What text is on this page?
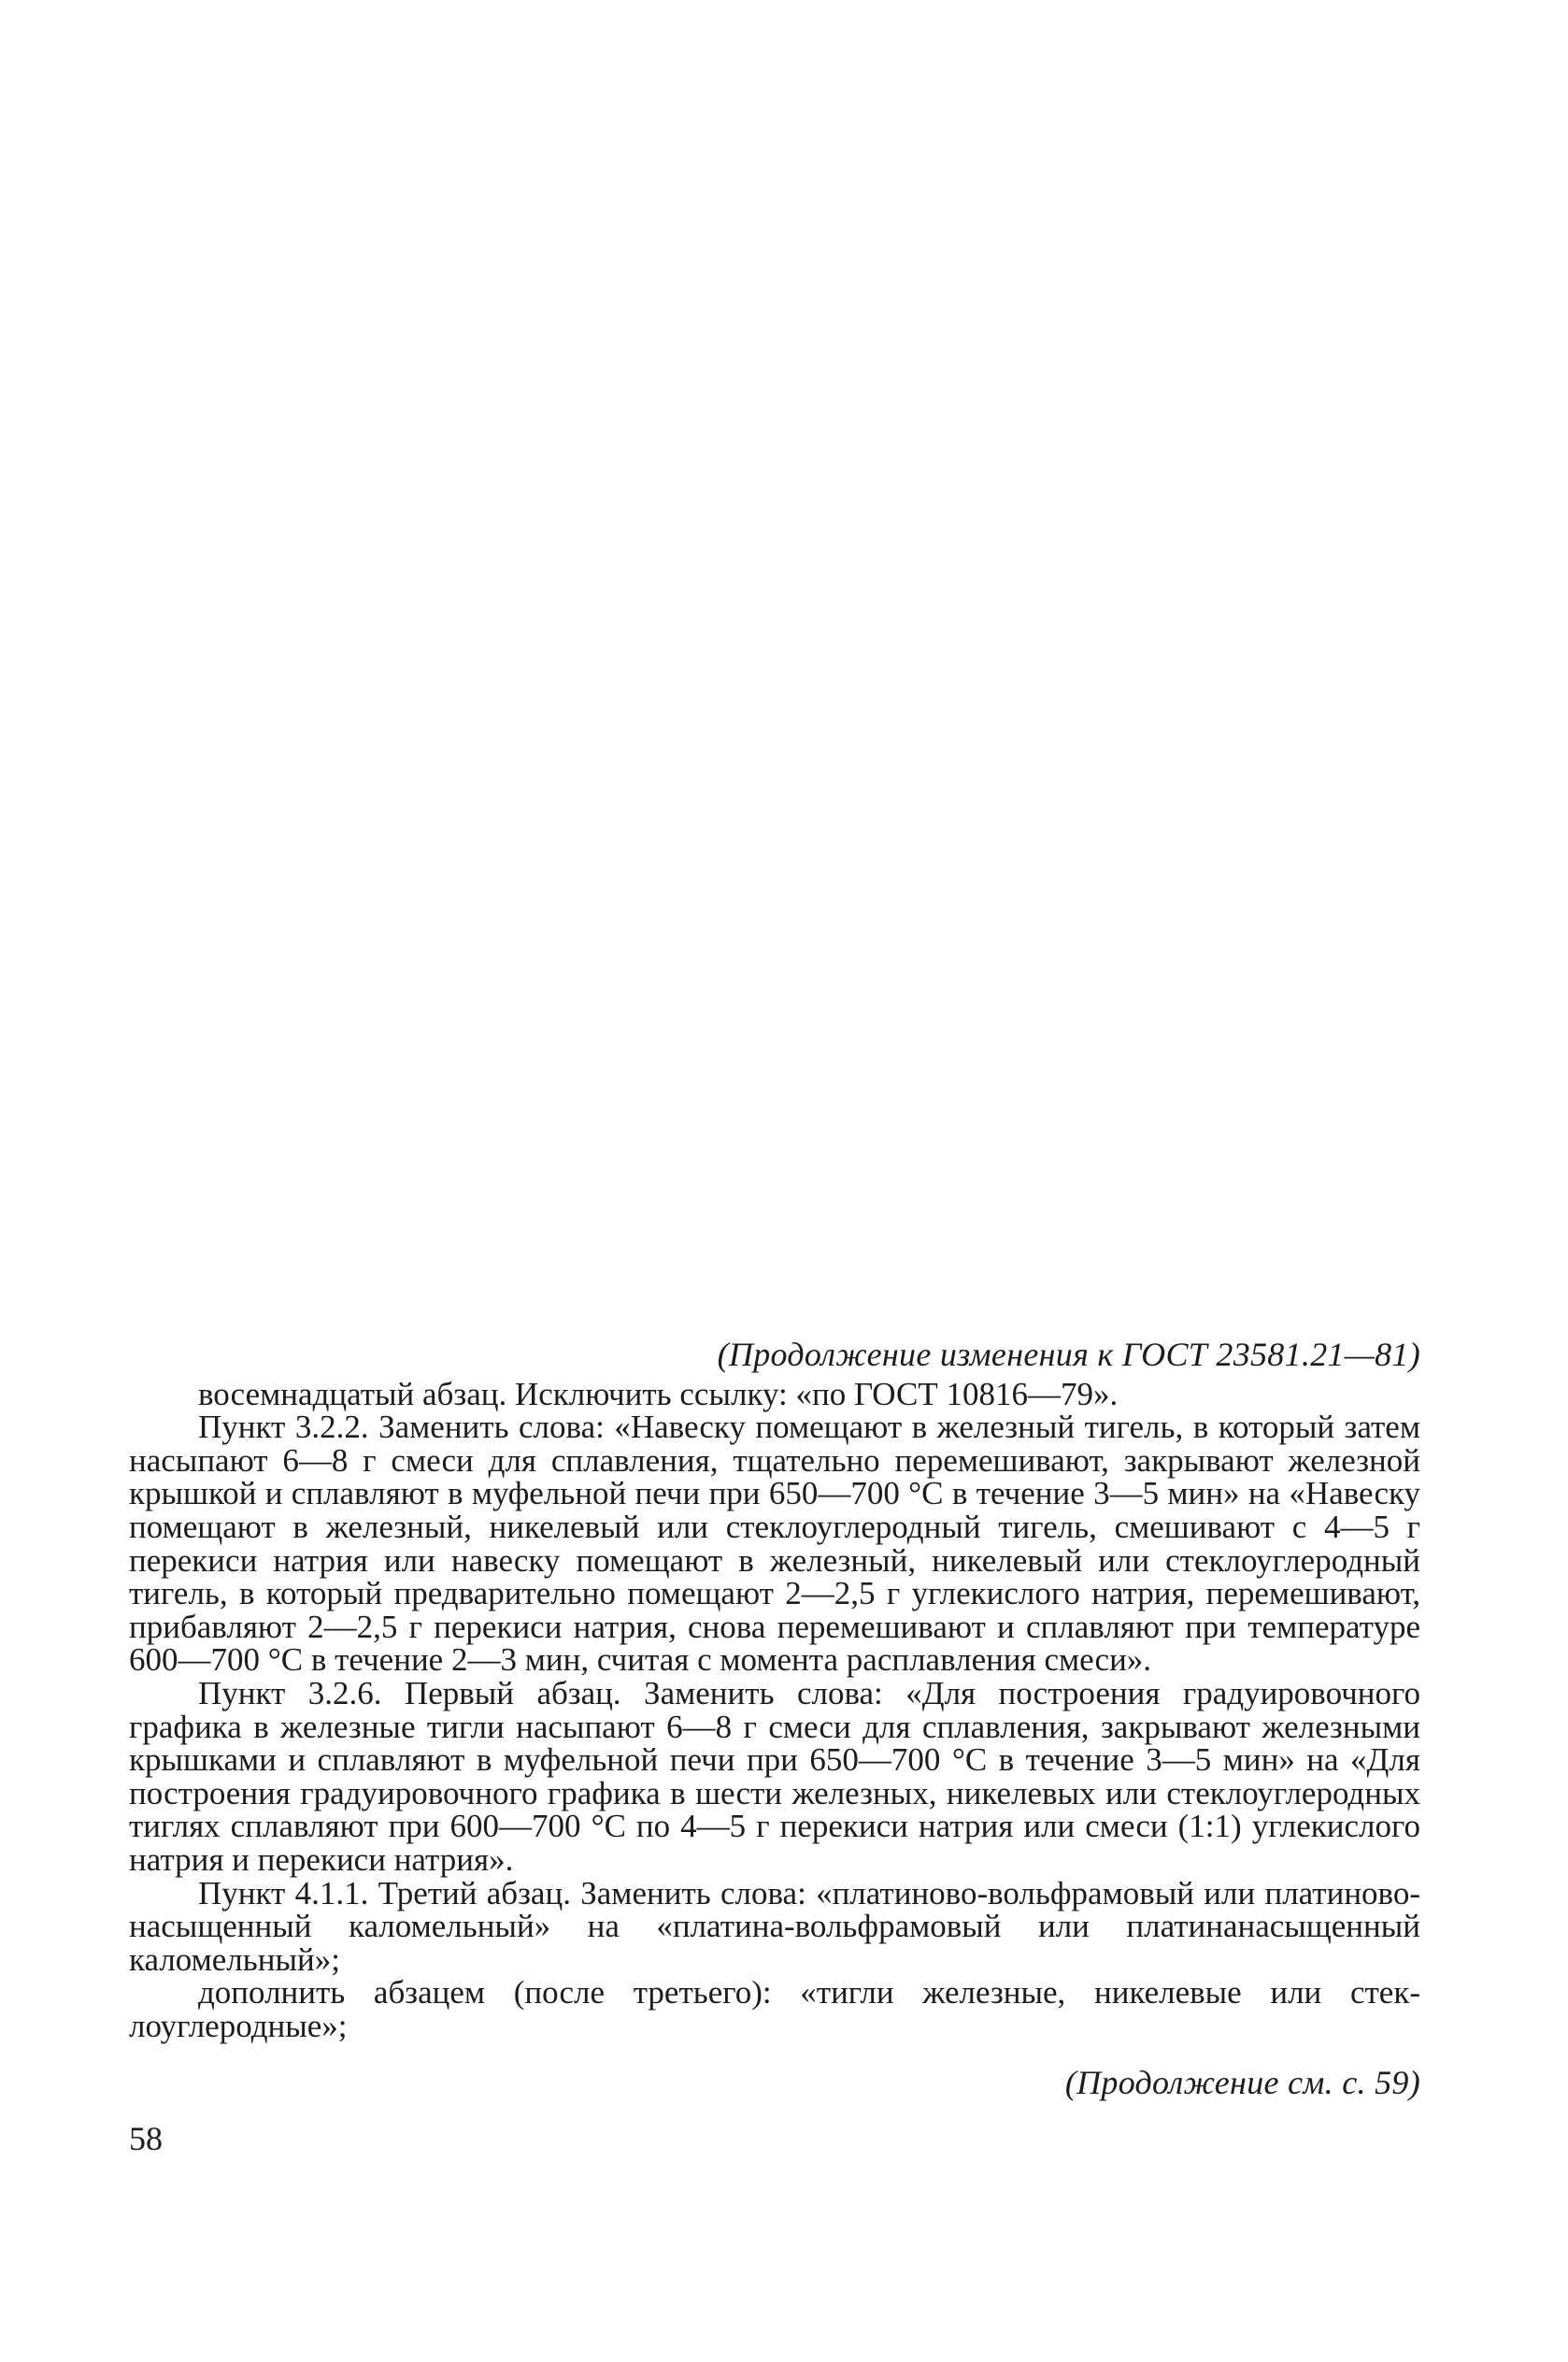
(Продолжение изменения к ГОСТ 23581.21—81)

восемнадцатый абзац. Исключить ссылку: «по ГОСТ 10816—79».

Пункт 3.2.2. Заменить слова: «Навеску помещают в железный тигель, в который затем насыпают 6—8 г смеси для сплавления, тщательно перемешивают, закрывают железной крышкой и сплавляют в муфельной печи при 650—700 °С в течение 3—5 мин» на «Навеску помещают в железный, никелевый или стеклоуглеродный тигель, смешивают с 4—5 г перекиси натрия или навеску помещают в железный, никелевый или стеклоуглеродный тигель, в который предварительно помещают 2—2,5 г углекислого натрия, перемешивают, прибавляют 2—2,5 г перекиси натрия, снова перемешивают и сплавляют при температуре 600—700 °С в течение 2—3 мин, считая с момента расплавления смеси».

Пункт 3.2.6. Первый абзац. Заменить слова: «Для построения градуировочного графика в железные тигли насыпают 6—8 г смеси для сплавления, закрывают железными крышками и сплавляют в муфельной печи при 650—700 °С в течение 3—5 мин» на «Для построения градуировочного графика в шести железных, никелевых или стеклоуглеродных тиглях сплавляют при 600—700 °С по 4—5 г перекиси натрия или смеси (1:1) углекислого натрия и перекиси натрия».

Пункт 4.1.1. Третий абзац. Заменить слова: «платиново-вольфрамовый или платиново-насыщенный каломельный» на «платина-вольфрамовый или платинанасыщенный каломельный»;

дополнить абзацем (после третьего): «тигли железные, никелевые или стеклоуглеродные»;

(Продолжение см. с. 59)
58
